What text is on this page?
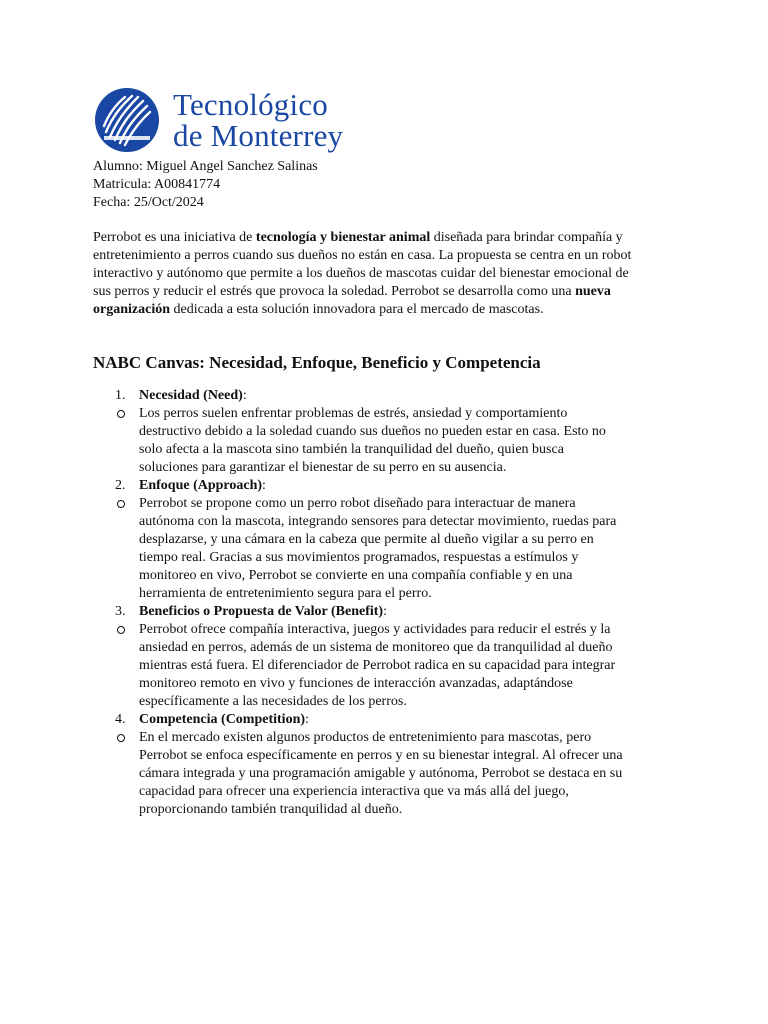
Tecnológico
de Monterrey
Alumno: Miguel Angel Sanchez Salinas
Matricula: A00841774
Fecha: 25/Oct/2024

Perrobot es una iniciativa de tecnología y bienestar animal diseñada para brindar compañía y entretenimiento a perros cuando sus dueños no están en casa. La propuesta se centra en un robot interactivo y autónomo que permite a los dueños de mascotas cuidar del bienestar emocional de sus perros y reducir el estrés que provoca la soledad. Perrobot se desarrolla como una nueva organización dedicada a esta solución innovadora para el mercado de mascotas.

NABC Canvas: Necesidad, Enfoque, Beneficio y Competencia
1. Necesidad (Need):
Los perros suelen enfrentar problemas de estrés, ansiedad y comportamiento destructivo debido a la soledad cuando sus dueños no pueden estar en casa. Esto no solo afecta a la mascota sino también la tranquilidad del dueño, quien busca soluciones para garantizar el bienestar de su perro en su ausencia.
2. Enfoque (Approach):
Perrobot se propone como un perro robot diseñado para interactuar de manera autónoma con la mascota, integrando sensores para detectar movimiento, ruedas para desplazarse, y una cámara en la cabeza que permite al dueño vigilar a su perro en tiempo real. Gracias a sus movimientos programados, respuestas a estímulos y monitoreo en vivo, Perrobot se convierte en una compañía confiable y en una herramienta de entretenimiento segura para el perro.
3. Beneficios o Propuesta de Valor (Benefit):
Perrobot ofrece compañía interactiva, juegos y actividades para reducir el estrés y la ansiedad en perros, además de un sistema de monitoreo que da tranquilidad al dueño mientras está fuera. El diferenciador de Perrobot radica en su capacidad para integrar monitoreo remoto en vivo y funciones de interacción avanzadas, adaptándose específicamente a las necesidades de los perros.
4. Competencia (Competition):
En el mercado existen algunos productos de entretenimiento para mascotas, pero Perrobot se enfoca específicamente en perros y en su bienestar integral. Al ofrecer una cámara integrada y una programación amigable y autónoma, Perrobot se destaca en su capacidad para ofrecer una experiencia interactiva que va más allá del juego, proporcionando también tranquilidad al dueño.
